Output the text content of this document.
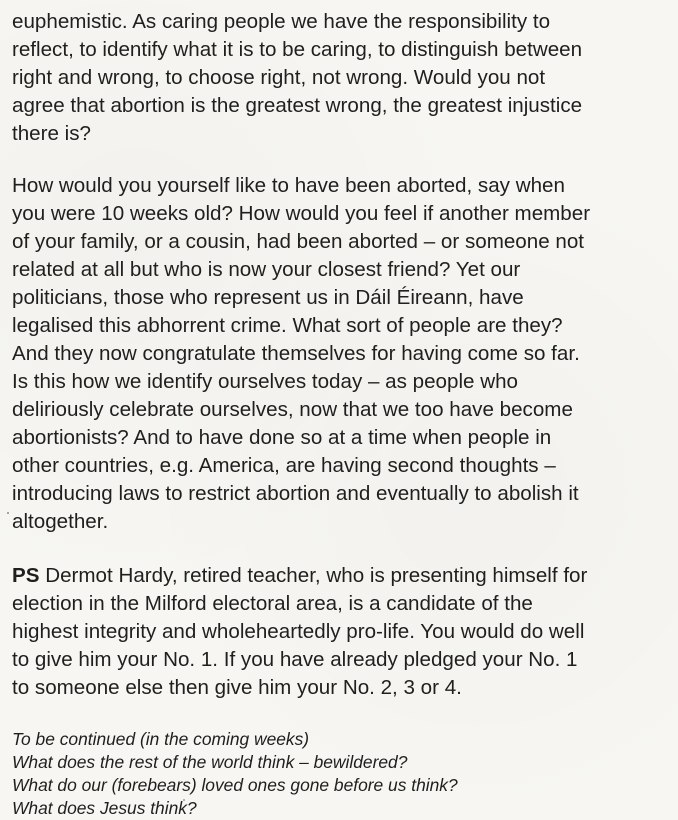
euphemistic. As caring people we have the responsibility to
reflect, to identify what it is to be caring, to distinguish between
right and wrong, to choose right, not wrong. Would you not
agree that abortion is the greatest wrong, the greatest injustice
there is?

How would you yourself like to have been aborted, say when
you were 10 weeks old? How would you feel if another member
of your family, or a cousin, had been aborted – or someone not
related at all but who is now your closest friend? Yet our
politicians, those who represent us in Dáil Éireann, have
legalised this abhorrent crime. What sort of people are they?
And they now congratulate themselves for having come so far.
Is this how we identify ourselves today – as people who
deliriously celebrate ourselves, now that we too have become
abortionists? And to have done so at a time when people in
other countries, e.g. America, are having second thoughts –
introducing laws to restrict abortion and eventually to abolish it
altogether.

PS Dermot Hardy, retired teacher, who is presenting himself for
election in the Milford electoral area, is a candidate of the
highest integrity and wholeheartedly pro-life. You would do well
to give him your No. 1. If you have already pledged your No. 1
to someone else then give him your No. 2, 3 or 4.

To be continued (in the coming weeks)
What does the rest of the world think – bewildered?
What do our (forebears) loved ones gone before us think?
What does Jesus think?
